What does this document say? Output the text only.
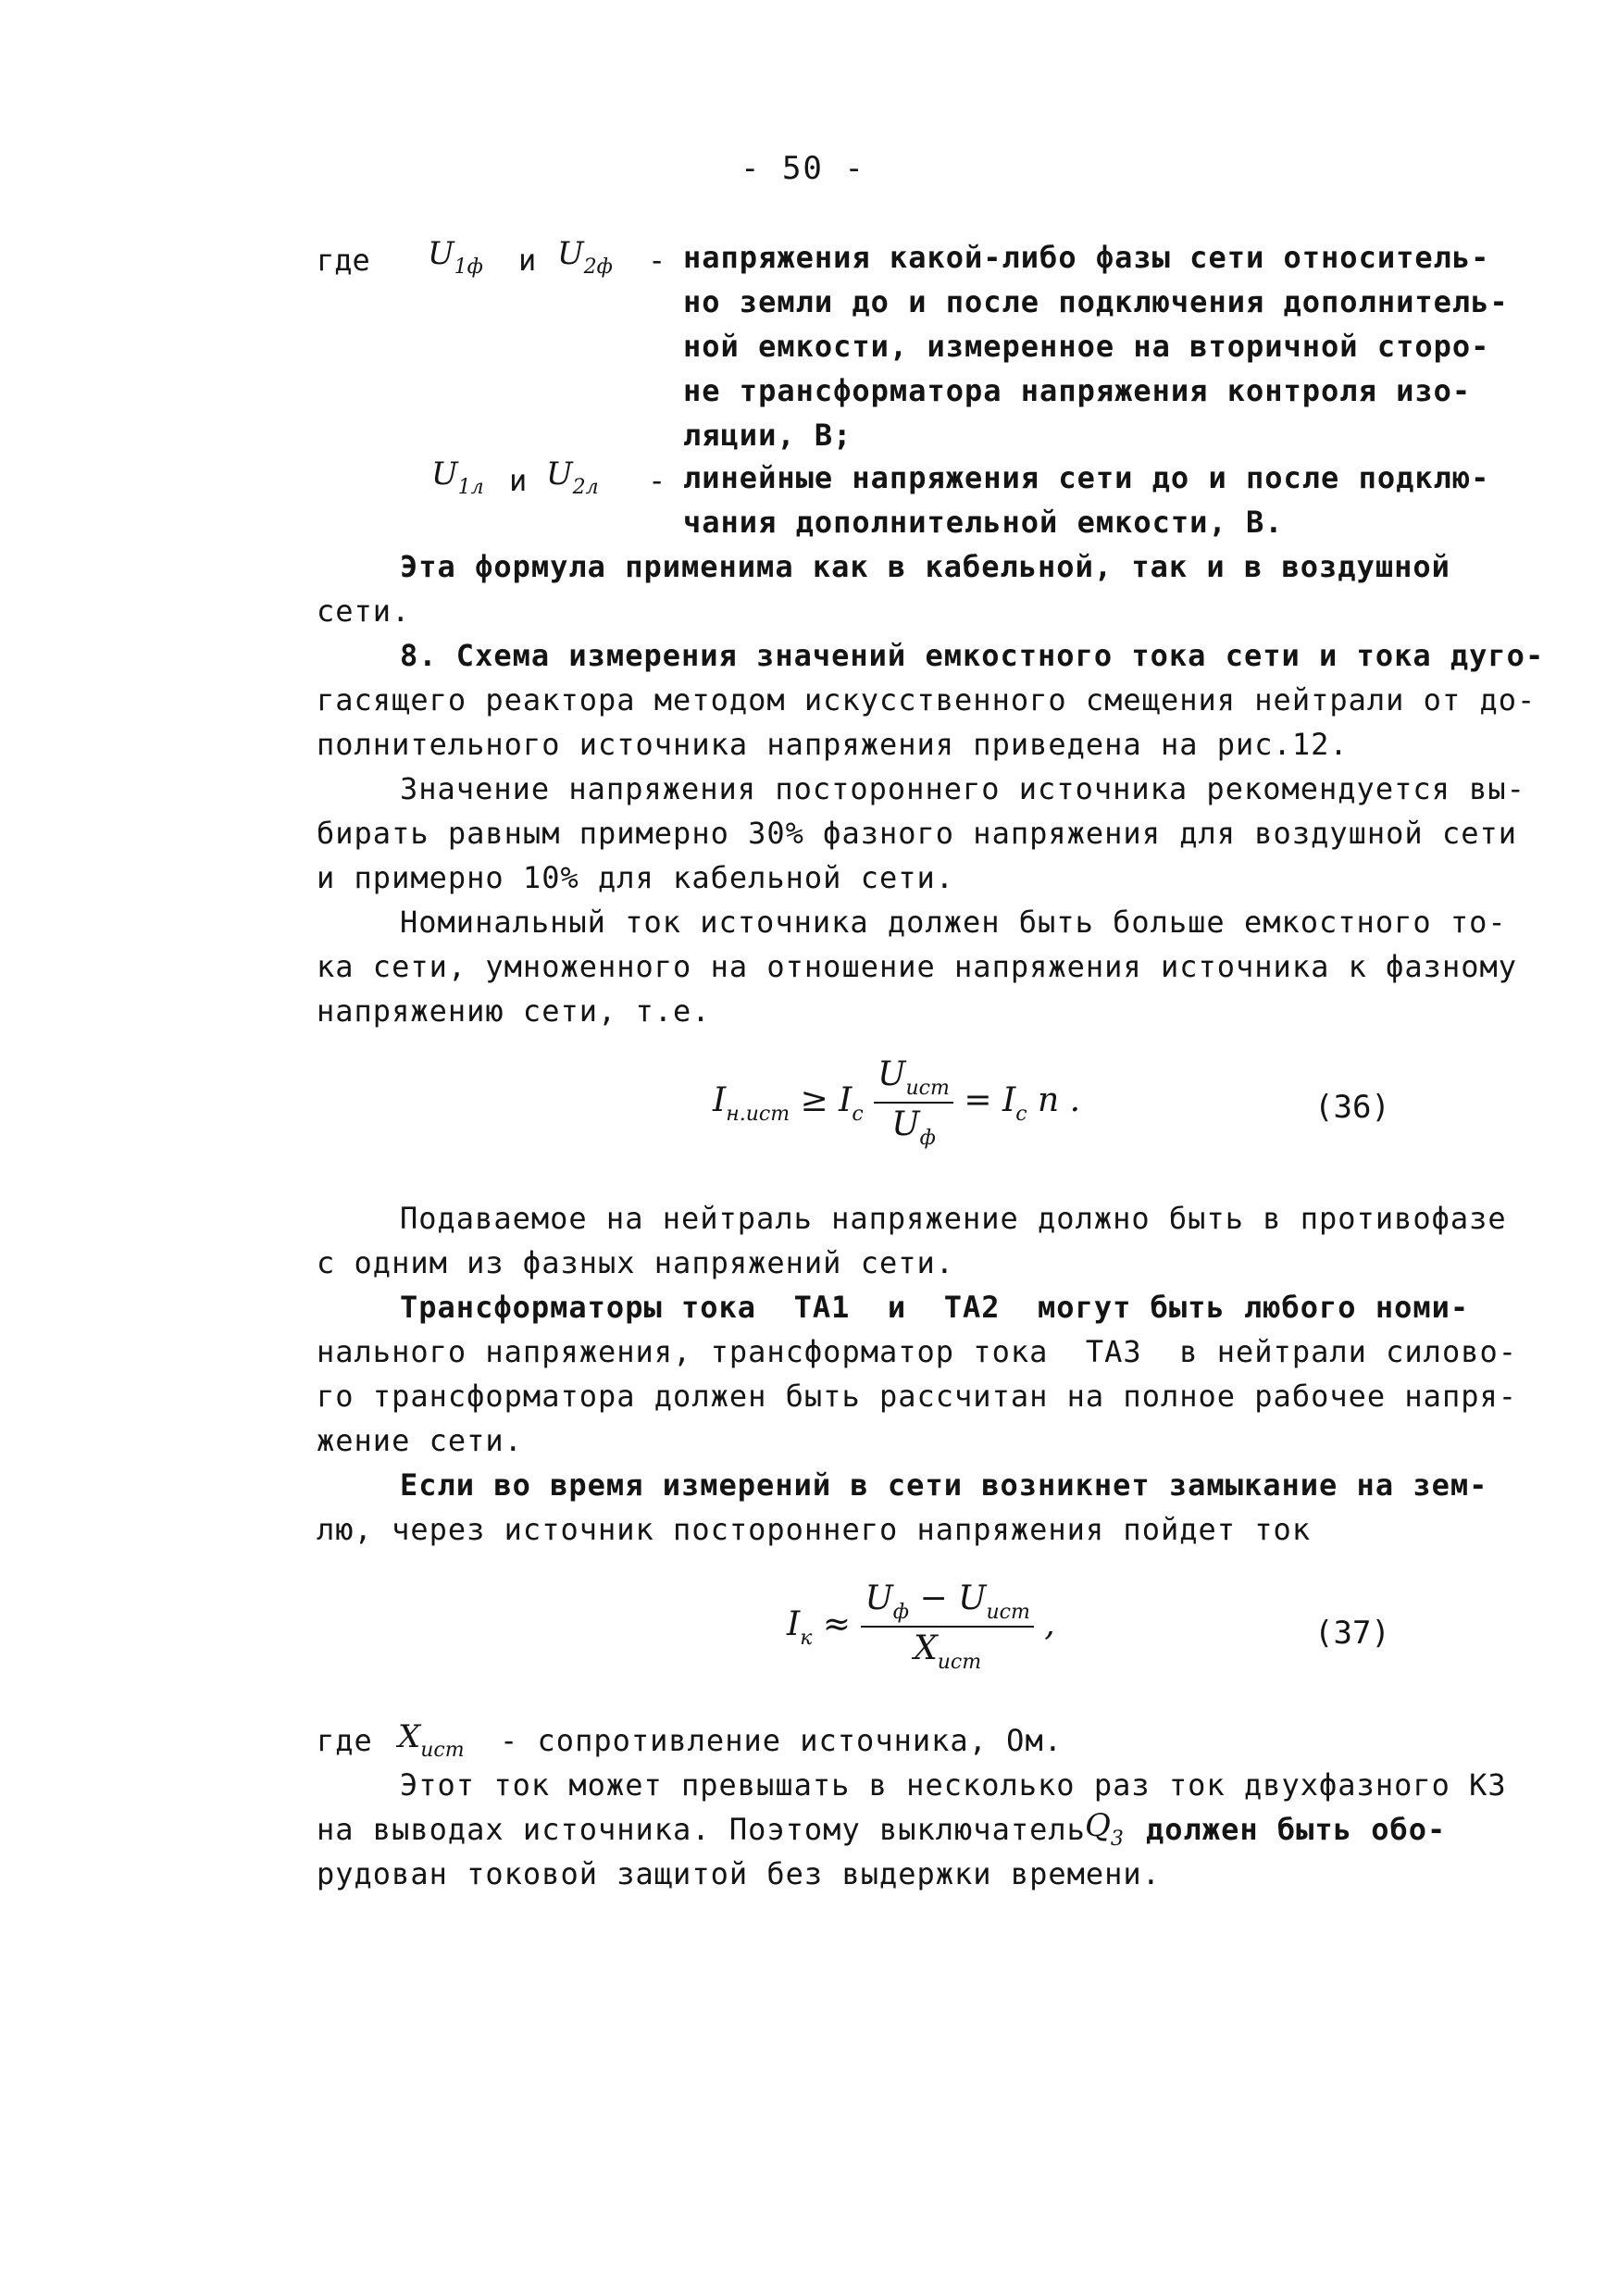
- 50 -
где $U_{1ф}$ и $U_{2ф}$ - напряжения какой-либо фазы сети относитель-
но земли до и после подключения дополнитель-
ной емкости, измеренное на вторичной сторо-
не трансформатора напряжения контроля изо-
ляции, В;
$U_{1л}$ и $U_{2л}$ - линейные напряжения сети до и после подклю-
чания дополнительной емкости, В.
Эта формула применима как в кабельной, так и в воздушной
сети.
8. Схема измерения значений емкостного тока сети и тока дуго-
гасящего реактора методом искусственного смещения нейтрали от до-
полнительного источника напряжения приведена на рис.12.
Значение напряжения постороннего источника рекомендуется вы-
бирать равным примерно 30% фазного напряжения для воздушной сети
и примерно 10% для кабельной сети.
Номинальный ток источника должен быть больше емкостного то-
ка сети, умноженного на отношение напряжения источника к фазному
напряжению сети, т.е.
$I_{н.ист} \ge I_c \frac{U_{ист}}{U_ф} = I_c$ n .	(36)
Подаваемое на нейтраль напряжение должно быть в противофазе
с одним из фазных напряжений сети.
Трансформаторы тока  ТА1  и  ТА2  могут быть любого номи-
нального напряжения, трансформатор тока  ТА3  в нейтрали силово-
го трансформатора должен быть рассчитан на полное рабочее напря-
жение сети.
Если во время измерений в сети возникнет замыкание на зем-
лю, через источник постороннего напряжения пойдет ток
$I_к \approx \frac{U_ф - U_{ист}}{X_{ист}}$ ,	(37)
где $X_{ист}$ - сопротивление источника, Ом.
Этот ток может превышать в несколько раз ток двухфазного КЗ
на выводах источника. Поэтому выключатель $Q_3$ должен быть обо-
рудован токовой защитой без выдержки времени.
